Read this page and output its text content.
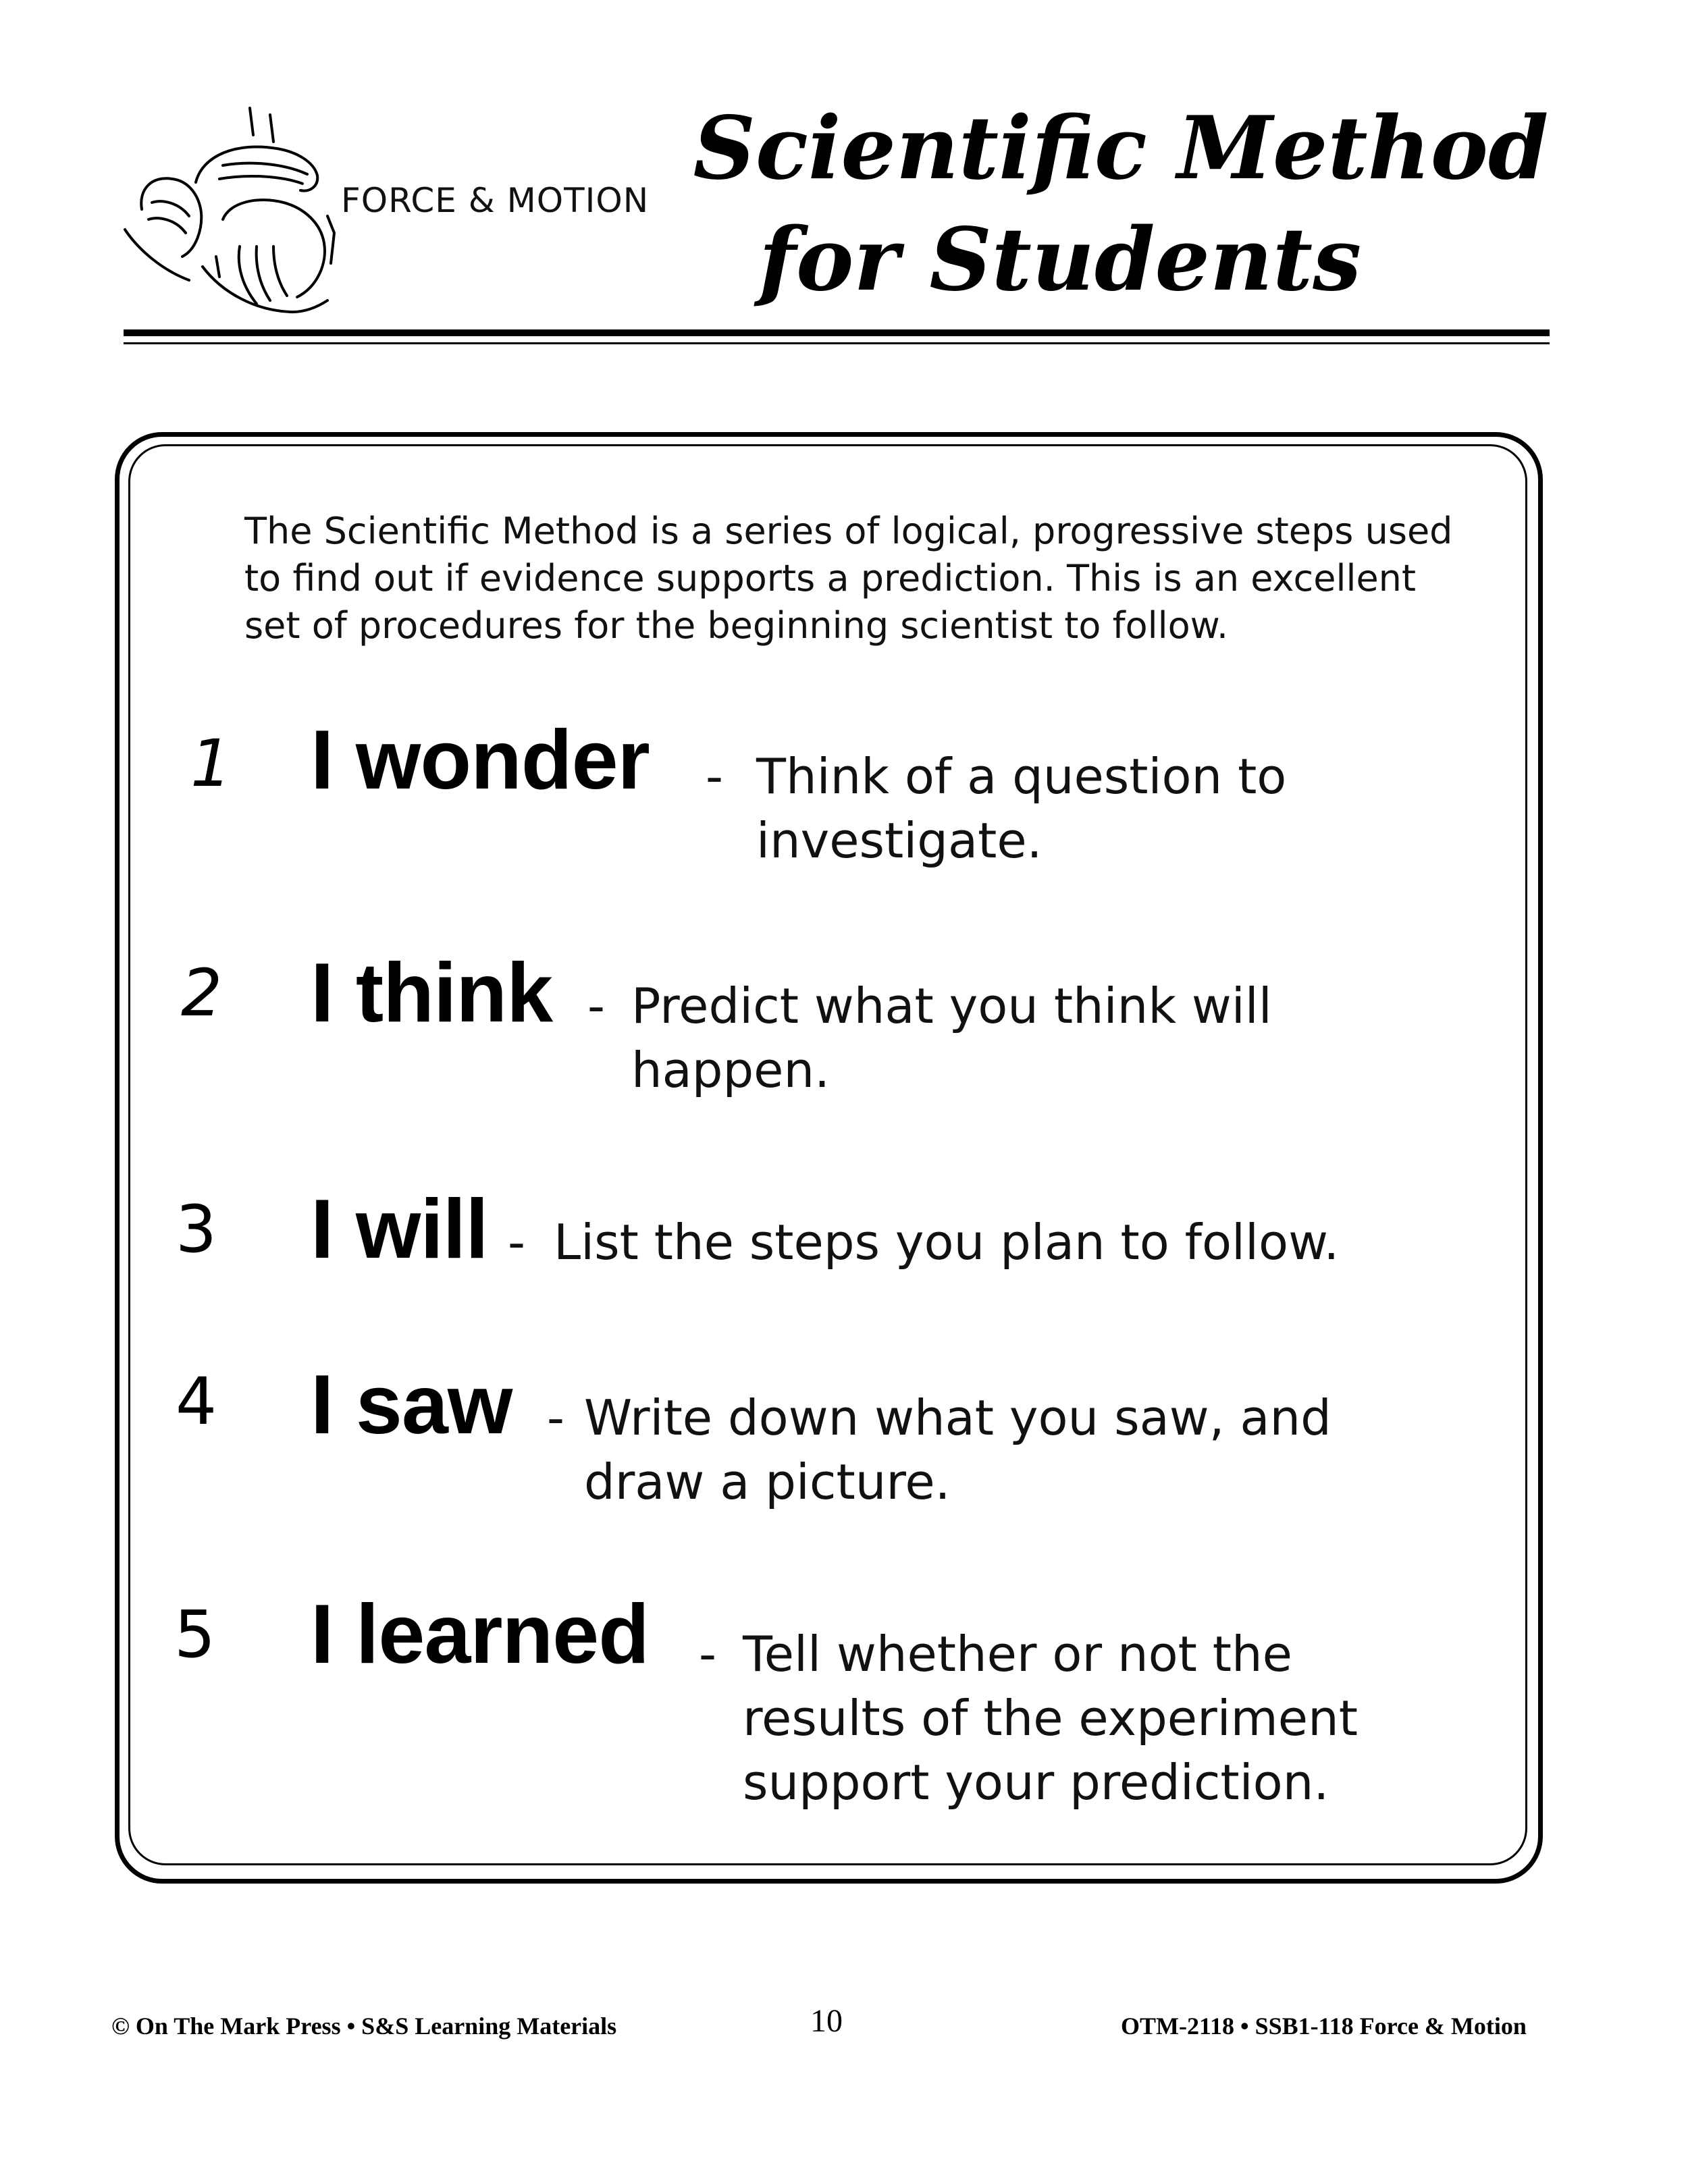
FORCE & MOTION
Scientific Method
for Students
The Scientific Method is a series of logical, progressive steps used to find out if evidence supports a prediction. This is an excellent set of procedures for the beginning scientist to follow.
1 I wonder - Think of a question to
investigate.
2 I think - Predict what you think will
happen.
3 I will - List the steps you plan to follow.
4 I saw - Write down what you saw, and
draw a picture.
5 I learned - Tell whether or not the
results of the experiment
support your prediction.
© On The Mark Press • S&S Learning Materials	10	OTM-2118 • SSB1-118 Force & Motion
